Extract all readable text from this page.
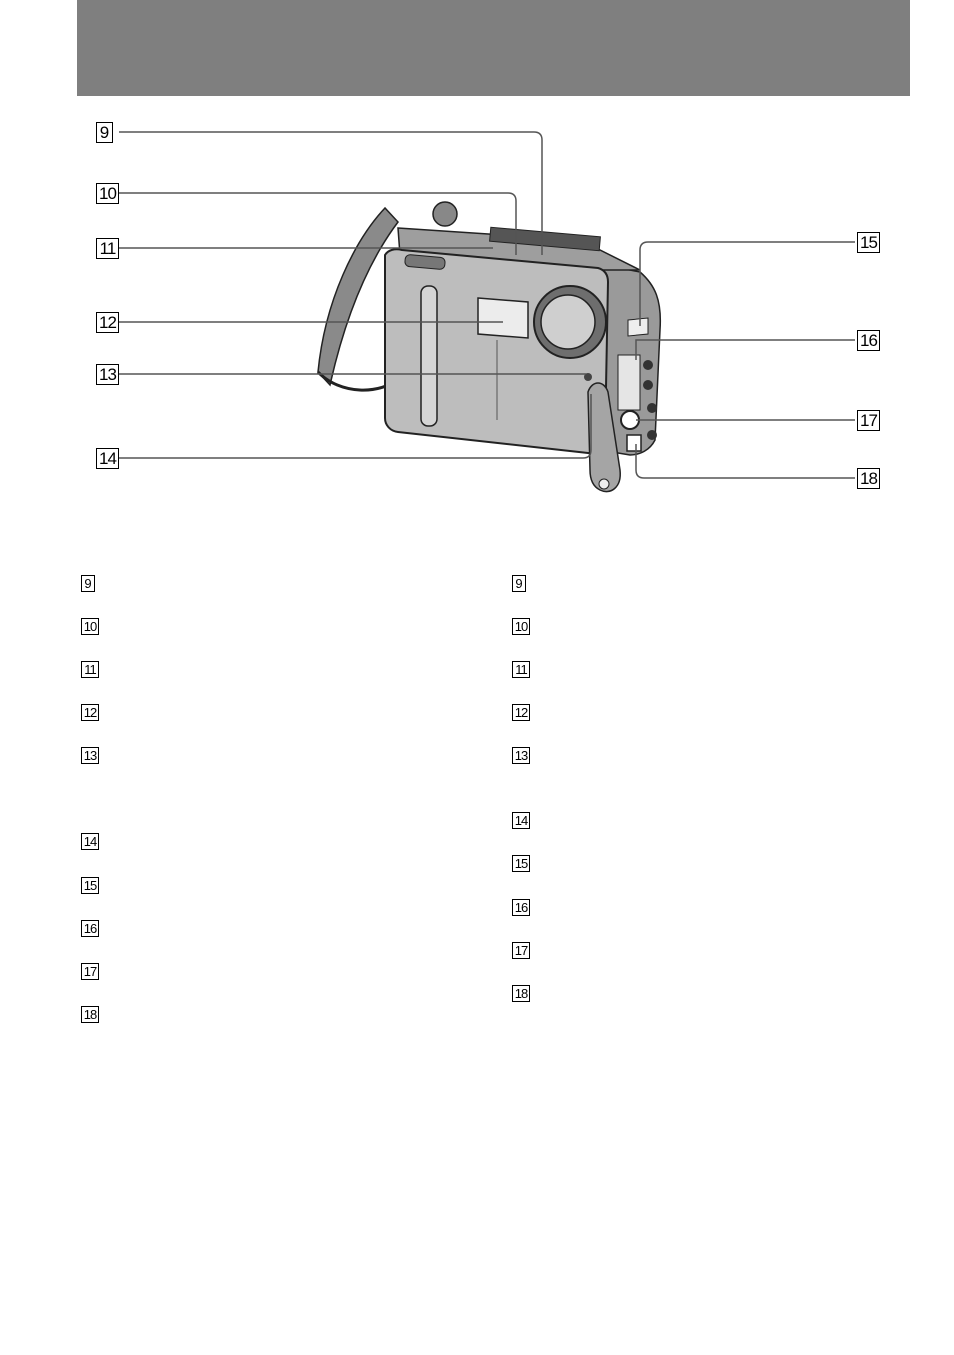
9
10
11
12
13
14
15
16
17
18
9
10
11
12
13
14
15
16
17
18
9
10
11
12
13
14
15
16
17
18
